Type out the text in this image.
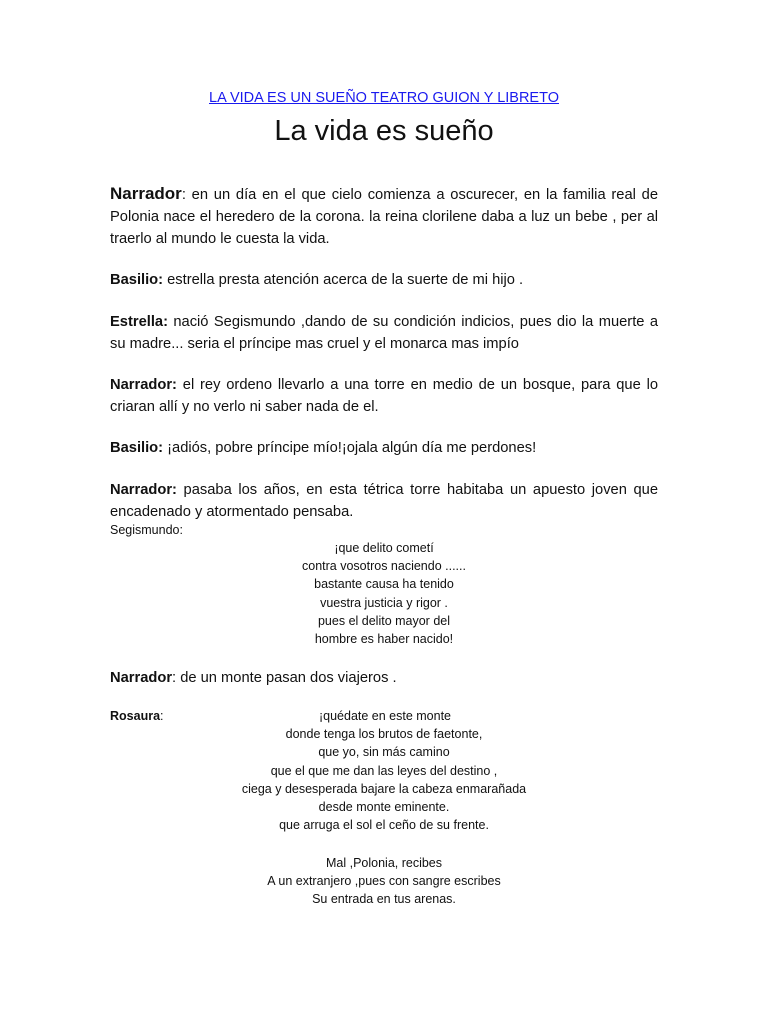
LA VIDA ES UN SUEÑO TEATRO GUION Y LIBRETO
La vida es sueño

Narrador: en un día en el que cielo comienza a oscurecer, en la familia real de Polonia nace el heredero de la corona. la reina clorilene daba a luz un bebe , per al traerlo al mundo le cuesta la vida.

Basilio: estrella presta atención acerca de la suerte de mi hijo .

Estrella: nació Segismundo ,dando de su condición indicios, pues dio la muerte a su madre... seria el príncipe mas cruel y el monarca mas impío

Narrador: el rey ordeno llevarlo a una torre en medio de un bosque, para que lo criaran allí y no verlo ni saber nada de el.

Basilio: ¡adiós, pobre príncipe mío!¡ojala algún día me perdones!

Narrador: pasaba los años, en esta tétrica torre habitaba un apuesto joven que encadenado y atormentado pensaba.

Segismundo:
¡que delito cometí
contra vosotros naciendo ......
bastante causa ha tenido
vuestra justicia y rigor .
pues el delito mayor del
hombre es haber nacido!

Narrador: de un monte pasan dos viajeros .

Rosaura:	¡quédate en este monte
donde tenga los brutos de faetonte,
que yo, sin más camino
que el que me dan las leyes del destino ,
ciega y desesperada bajare la cabeza enmarañada
desde monte eminente.
que arruga el sol el ceño de su frente.
Mal ,Polonia, recibes
A un extranjero ,pues con sangre escribes
Su entrada en tus arenas.
